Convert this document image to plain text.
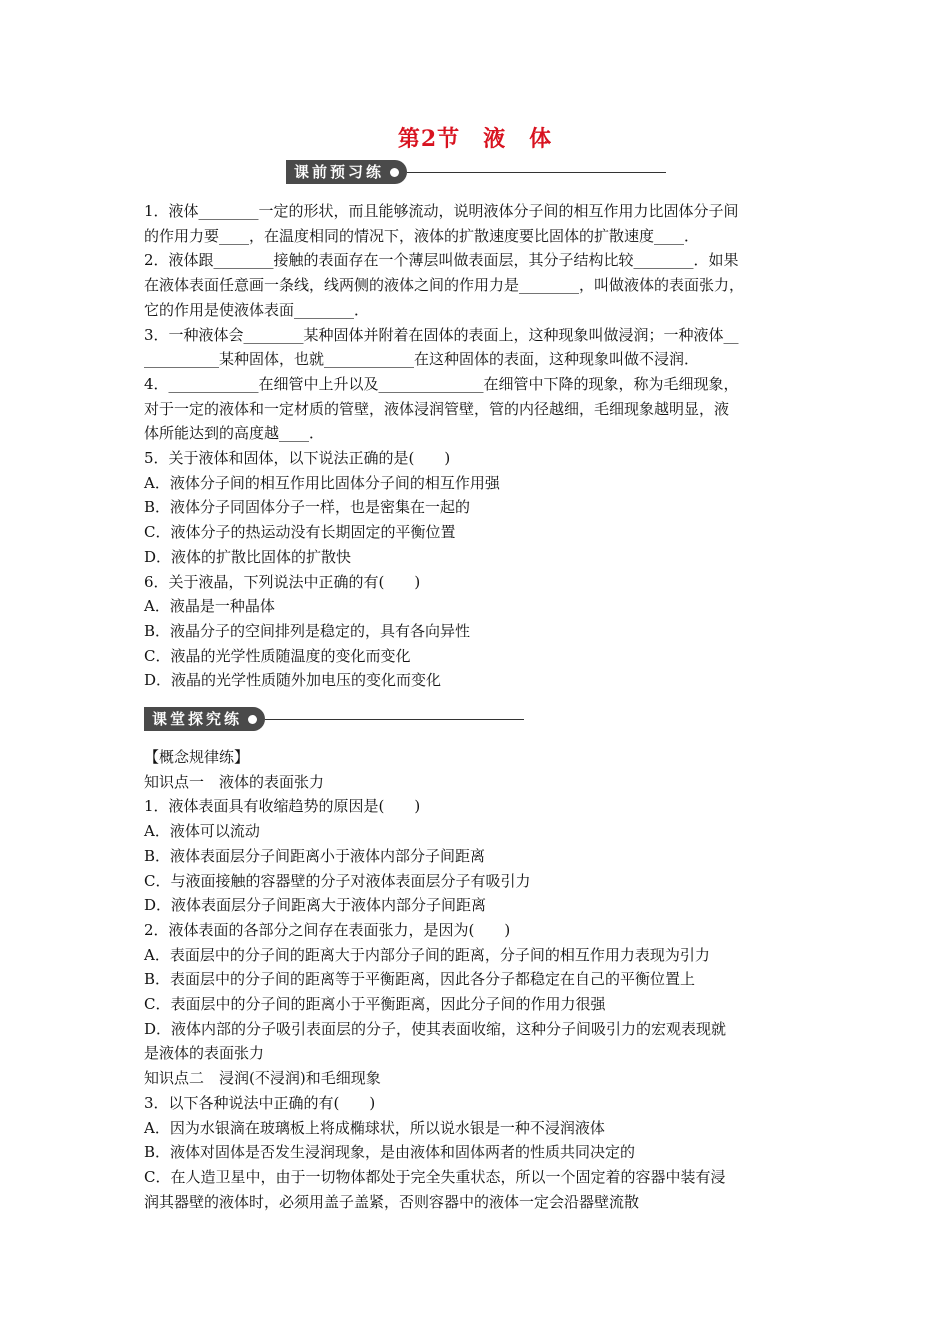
第2节　液　体
课前预习练

1．液体________一定的形状，而且能够流动，说明液体分子间的相互作用力比固体分子间

的作用力要____，在温度相同的情况下，液体的扩散速度要比固体的扩散速度____．

2．液体跟________接触的表面存在一个薄层叫做表面层，其分子结构比较________．如果

在液体表面任意画一条线，线两侧的液体之间的作用力是________，叫做液体的表面张力，

它的作用是使液体表面________．

3．一种液体会________某种固体并附着在固体的表面上，这种现象叫做浸润；一种液体__

__________某种固体，也就____________在这种固体的表面，这种现象叫做不浸润．

4．____________在细管中上升以及______________在细管中下降的现象，称为毛细现象，

对于一定的液体和一定材质的管壁，液体浸润管壁，管的内径越细，毛细现象越明显，液

体所能达到的高度越____．

5．关于液体和固体，以下说法正确的是(　　)

A．液体分子间的相互作用比固体分子间的相互作用强

B．液体分子同固体分子一样，也是密集在一起的

C．液体分子的热运动没有长期固定的平衡位置

D．液体的扩散比固体的扩散快

6．关于液晶，下列说法中正确的有(　　)

A．液晶是一种晶体

B．液晶分子的空间排列是稳定的，具有各向异性

C．液晶的光学性质随温度的变化而变化

D．液晶的光学性质随外加电压的变化而变化

课堂探究练

【概念规律练】

知识点一　液体的表面张力

1．液体表面具有收缩趋势的原因是(　　)

A．液体可以流动

B．液体表面层分子间距离小于液体内部分子间距离

C．与液面接触的容器壁的分子对液体表面层分子有吸引力

D．液体表面层分子间距离大于液体内部分子间距离

2．液体表面的各部分之间存在表面张力，是因为(　　)

A．表面层中的分子间的距离大于内部分子间的距离，分子间的相互作用力表现为引力

B．表面层中的分子间的距离等于平衡距离，因此各分子都稳定在自己的平衡位置上

C．表面层中的分子间的距离小于平衡距离，因此分子间的作用力很强

D．液体内部的分子吸引表面层的分子，使其表面收缩，这种分子间吸引力的宏观表现就

是液体的表面张力

知识点二　浸润(不浸润)和毛细现象

3．以下各种说法中正确的有(　　)

A．因为水银滴在玻璃板上将成椭球状，所以说水银是一种不浸润液体

B．液体对固体是否发生浸润现象，是由液体和固体两者的性质共同决定的

C．在人造卫星中，由于一切物体都处于完全失重状态，所以一个固定着的容器中装有浸

润其器壁的液体时，必须用盖子盖紧，否则容器中的液体一定会沿器壁流散
